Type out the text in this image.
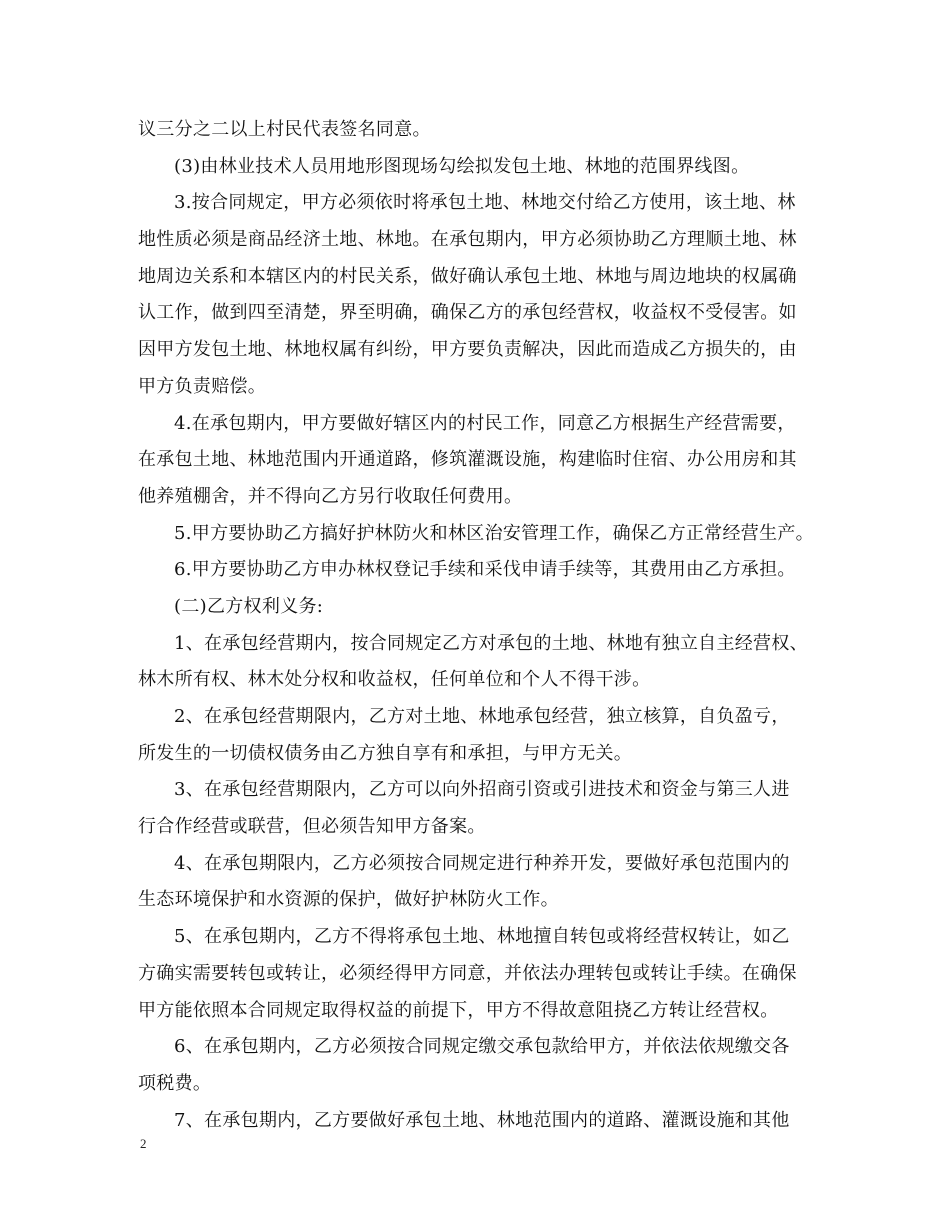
议三分之二以上村民代表签名同意。
(3)由林业技术人员用地形图现场勾绘拟发包土地、林地的范围界线图。
3.按合同规定，甲方必须依时将承包土地、林地交付给乙方使用，该土地、林
地性质必须是商品经济土地、林地。在承包期内，甲方必须协助乙方理顺土地、林
地周边关系和本辖区内的村民关系，做好确认承包土地、林地与周边地块的权属确
认工作，做到四至清楚，界至明确，确保乙方的承包经营权，收益权不受侵害。如
因甲方发包土地、林地权属有纠纷，甲方要负责解决，因此而造成乙方损失的，由
甲方负责赔偿。
4.在承包期内，甲方要做好辖区内的村民工作，同意乙方根据生产经营需要，
在承包土地、林地范围内开通道路，修筑灌溉设施，构建临时住宿、办公用房和其
他养殖棚舍，并不得向乙方另行收取任何费用。
5.甲方要协助乙方搞好护林防火和林区治安管理工作，确保乙方正常经营生产。
6.甲方要协助乙方申办林权登记手续和采伐申请手续等，其费用由乙方承担。
(二)乙方权利义务:
1、在承包经营期内，按合同规定乙方对承包的土地、林地有独立自主经营权、
林木所有权、林木处分权和收益权，任何单位和个人不得干涉。
2、在承包经营期限内，乙方对土地、林地承包经营，独立核算，自负盈亏，
所发生的一切债权债务由乙方独自享有和承担，与甲方无关。
3、在承包经营期限内，乙方可以向外招商引资或引进技术和资金与第三人进
行合作经营或联营，但必须告知甲方备案。
4、在承包期限内，乙方必须按合同规定进行种养开发，要做好承包范围内的
生态环境保护和水资源的保护，做好护林防火工作。
5、在承包期内，乙方不得将承包土地、林地擅自转包或将经营权转让，如乙
方确实需要转包或转让，必须经得甲方同意，并依法办理转包或转让手续。在确保
甲方能依照本合同规定取得权益的前提下，甲方不得故意阻挠乙方转让经营权。
6、在承包期内，乙方必须按合同规定缴交承包款给甲方，并依法依规缴交各
项税费。
7、在承包期内，乙方要做好承包土地、林地范围内的道路、灌溉设施和其他
2
